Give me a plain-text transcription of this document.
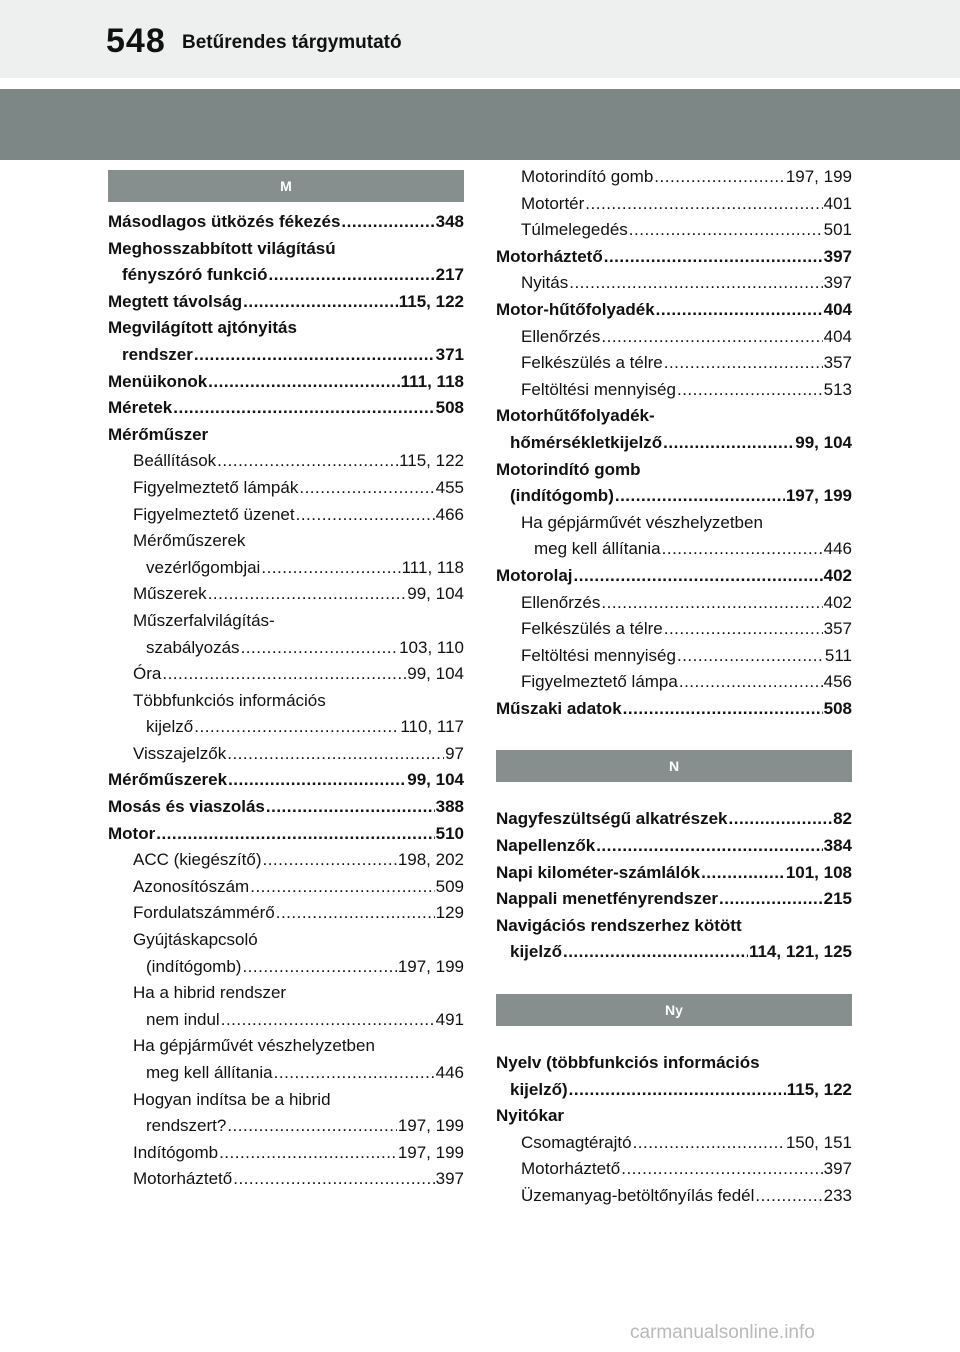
548 Betűrendes tárgymutató
M
Másodlagos ütközés fékezés .....	348
Meghosszabbított világítású
fényszóró funkció .....	217
Megtett távolság .....	115, 122
Megvilágított ajtónyitás
rendszer .....	371
Menüikonok .....	111, 118
Méretek .....	508
Mérőműszer
Beállítások .....	115, 122
Figyelmeztető lámpák .....	455
Figyelmeztető üzenet .....	466
Mérőműszerek
vezérlőgombjai .....	111, 118
Műszerek .....	99, 104
Műszerfalvilágítás-
szabályozás .....	103, 110
Óra .....	99, 104
Többfunkciós információs
kijelző .....	110, 117
Visszajelzők .....	97
Mérőműszerek .....	99, 104
Mosás és viaszolás .....	388
Motor .....	510
ACC (kiegészítő) .....	198, 202
Azonosítószám .....	509
Fordulatszámmérő .....	129
Gyújtáskapcsoló
(indítógomb) .....	197, 199
Ha a hibrid rendszer
nem indul .....	491
Ha gépjárművét vészhelyzetben
meg kell állítania .....	446
Hogyan indítsa be a hibrid
rendszert? .....	197, 199
Indítógomb .....	197, 199
Motorháztető .....	397
Motorindító gomb .....	197, 199
Motortér .....	401
Túlmelegedés .....	501
Motorháztető .....	397
Nyitás .....	397
Motor-hűtőfolyadék .....	404
Ellenőrzés .....	404
Felkészülés a télre .....	357
Feltöltési mennyiség .....	513
Motorhűtőfolyadék-
hőmérsékletkijelző .....	99, 104
Motorindító gomb
(indítógomb) .....	197, 199
Ha gépjárművét vészhelyzetben
meg kell állítania .....	446
Motorolaj .....	402
Ellenőrzés .....	402
Felkészülés a télre .....	357
Feltöltési mennyiség .....	511
Figyelmeztető lámpa .....	456
Műszaki adatok .....	508
N
Nagyfeszültségű alkatrészek .....	82
Napellenzők .....	384
Napi kilométer-számlálók .....	101, 108
Nappali menetfényrendszer .....	215
Navigációs rendszerhez kötött
kijelző .....	114, 121, 125
Ny
Nyelv (többfunkciós információs
kijelző) .....	115, 122
Nyitókar
Csomagtérajtó .....	150, 151
Motorháztető .....	397
Üzemanyag-betöltőnyílás fedél .....	233
carmanualsonline.info
